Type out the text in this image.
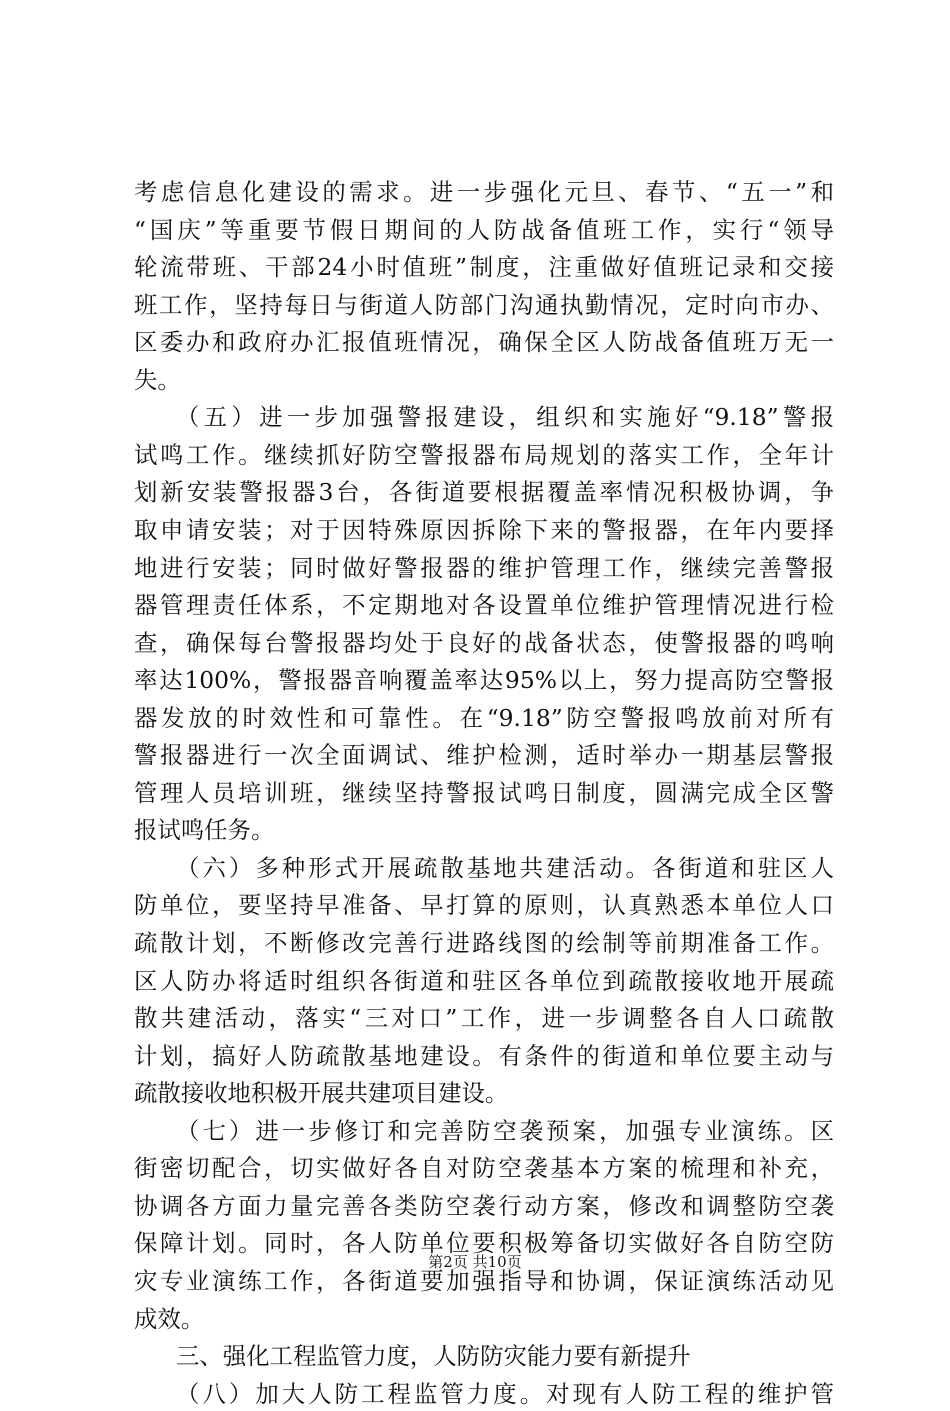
考虑信息化建设的需求。进一步强化元旦、春节、“五一”和
“国庆”等重要节假日期间的人防战备值班工作，实行“领导
轮流带班、干部24小时值班”制度，注重做好值班记录和交接
班工作，坚持每日与街道人防部门沟通执勤情况，定时向市办、
区委办和政府办汇报值班情况，确保全区人防战备值班万无一
失。
（五）进一步加强警报建设，组织和实施好“9.18”警报
试鸣工作。继续抓好防空警报器布局规划的落实工作，全年计
划新安装警报器3台，各街道要根据覆盖率情况积极协调，争
取申请安装；对于因特殊原因拆除下来的警报器，在年内要择
地进行安装；同时做好警报器的维护管理工作，继续完善警报
器管理责任体系，不定期地对各设置单位维护管理情况进行检
查，确保每台警报器均处于良好的战备状态，使警报器的鸣响
率达100%，警报器音响覆盖率达95%以上，努力提高防空警报
器发放的时效性和可靠性。在“9.18”防空警报鸣放前对所有
警报器进行一次全面调试、维护检测，适时举办一期基层警报
管理人员培训班，继续坚持警报试鸣日制度，圆满完成全区警
报试鸣任务。
（六）多种形式开展疏散基地共建活动。各街道和驻区人
防单位，要坚持早准备、早打算的原则，认真熟悉本单位人口
疏散计划，不断修改完善行进路线图的绘制等前期准备工作。
区人防办将适时组织各街道和驻区各单位到疏散接收地开展疏
散共建活动，落实“三对口”工作，进一步调整各自人口疏散
计划，搞好人防疏散基地建设。有条件的街道和单位要主动与
疏散接收地积极开展共建项目建设。
（七）进一步修订和完善防空袭预案，加强专业演练。区
街密切配合，切实做好各自对防空袭基本方案的梳理和补充，
协调各方面力量完善各类防空袭行动方案，修改和调整防空袭
保障计划。同时，各人防单位要积极筹备切实做好各自防空防
灾专业演练工作，各街道要加强指导和协调，保证演练活动见
成效。
三、强化工程监管力度，人防防灾能力要有新提升
（八）加大人防工程监管力度。对现有人防工程的维护管
第2页 共10页
